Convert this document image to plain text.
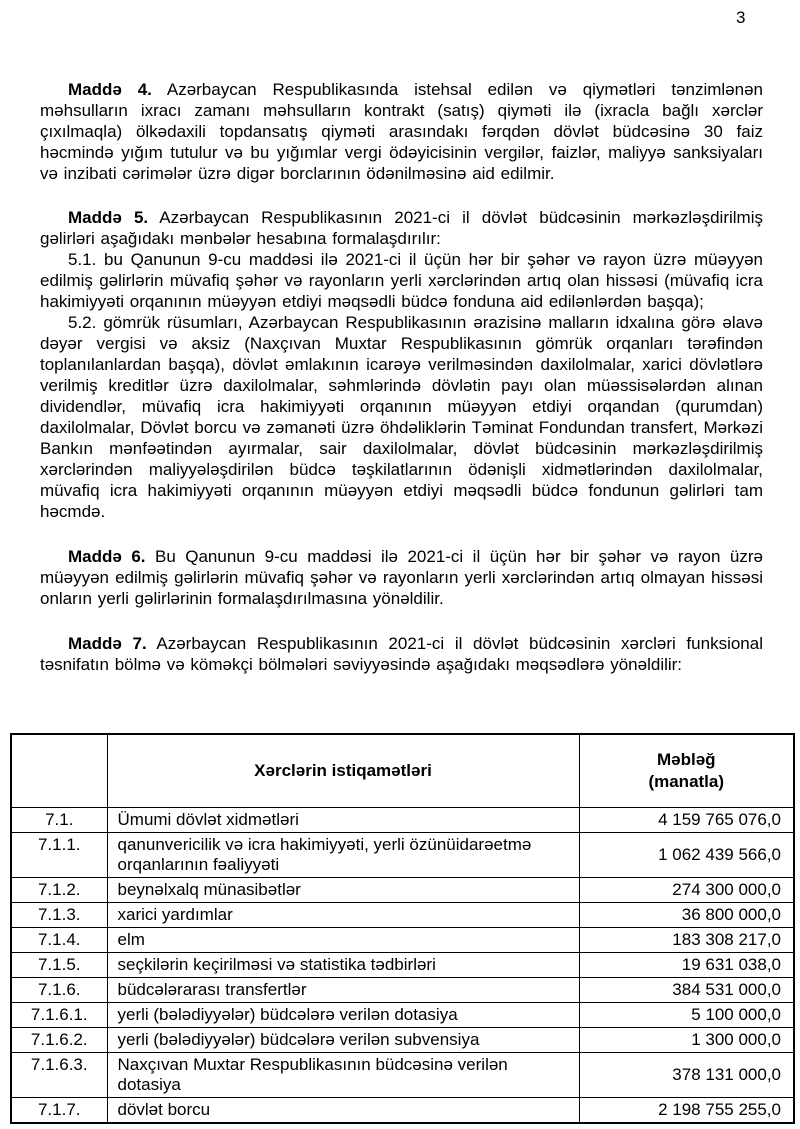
3

Maddə 4. Azərbaycan Respublikasında istehsal edilən və qiymətləri tənzimlənən məhsulların ixracı zamanı məhsulların kontrakt (satış) qiyməti ilə (ixracla bağlı xərclər çıxılmaqla) ölkədaxili topdansatış qiyməti arasındakı fərqdən dövlət büdcəsinə 30 faiz həcmində yığım tutulur və bu yığımlar vergi ödəyicisinin vergilər, faizlər, maliyyə sanksiyaları və inzibati cərimələr üzrə digər borclarının ödənilməsinə aid edilmir.

Maddə 5. Azərbaycan Respublikasının 2021-ci il dövlət büdcəsinin mərkəzləşdirilmiş gəlirləri aşağıdakı mənbələr hesabına formalaşdırılır:

5.1. bu Qanunun 9-cu maddəsi ilə 2021-ci il üçün hər bir şəhər və rayon üzrə müəyyən edilmiş gəlirlərin müvafiq şəhər və rayonların yerli xərclərindən artıq olan hissəsi (müvafiq icra hakimiyyəti orqanının müəyyən etdiyi məqsədli büdcə fonduna aid edilənlərdən başqa);

5.2. gömrük rüsumları, Azərbaycan Respublikasının ərazisinə malların idxalına görə əlavə dəyər vergisi və aksiz (Naxçıvan Muxtar Respublikasının gömrük orqanları tərəfindən toplanılanlardan başqa), dövlət əmlakının icarəyə verilməsindən daxilolmalar, xarici dövlətlərə verilmiş kreditlər üzrə daxilolmalar, səhmlərində dövlətin payı olan müəssisələrdən alınan dividendlər, müvafiq icra hakimiyyəti orqanının müəyyən etdiyi orqandan (qurumdan) daxilolmalar, Dövlət borcu və zəmanəti üzrə öhdəliklərin Təminat Fondundan transfert, Mərkəzi Bankın mənfəətindən ayırmalar, sair daxilolmalar, dövlət büdcəsinin mərkəzləşdirilmiş xərclərindən maliyyələşdirilən büdcə təşkilatlarının ödənişli xidmətlərindən daxilolmalar, müvafiq icra hakimiyyəti orqanının müəyyən etdiyi məqsədli büdcə fondunun gəlirləri tam həcmdə.

Maddə 6. Bu Qanunun 9-cu maddəsi ilə 2021-ci il üçün hər bir şəhər və rayon üzrə müəyyən edilmiş gəlirlərin müvafiq şəhər və rayonların yerli xərclərindən artıq olmayan hissəsi onların yerli gəlirlərinin formalaşdırılmasına yönəldilir.

Maddə 7. Azərbaycan Respublikasının 2021-ci il dövlət büdcəsinin xərcləri funksional təsnifatın bölmə və köməkçi bölmələri səviyyəsində aşağıdakı məqsədlərə yönəldilir:

	Xərclərin istiqamətləri	Məbləğ
(manatla)

7.1.	Ümumi dövlət xidmətləri	4 159 765 076,0
7.1.1.	qanunvericilik və icra hakimiyyəti, yerli özünüidarəetmə orqanlarının fəaliyyəti	1 062 439 566,0
7.1.2.	beynəlxalq münasibətlər	274 300 000,0
7.1.3.	xarici yardımlar	36 800 000,0
7.1.4.	elm	183 308 217,0
7.1.5.	seçkilərin keçirilməsi və statistika tədbirləri	19 631 038,0
7.1.6.	büdcələrarası transfertlər	384 531 000,0
7.1.6.1.	yerli (bələdiyyələr) büdcələrə verilən dotasiya	5 100 000,0
7.1.6.2.	yerli (bələdiyyələr) büdcələrə verilən subvensiya	1 300 000,0
7.1.6.3.	Naxçıvan Muxtar Respublikasının büdcəsinə verilən dotasiya	378 131 000,0
7.1.7.	dövlət borcu	2 198 755 255,0
